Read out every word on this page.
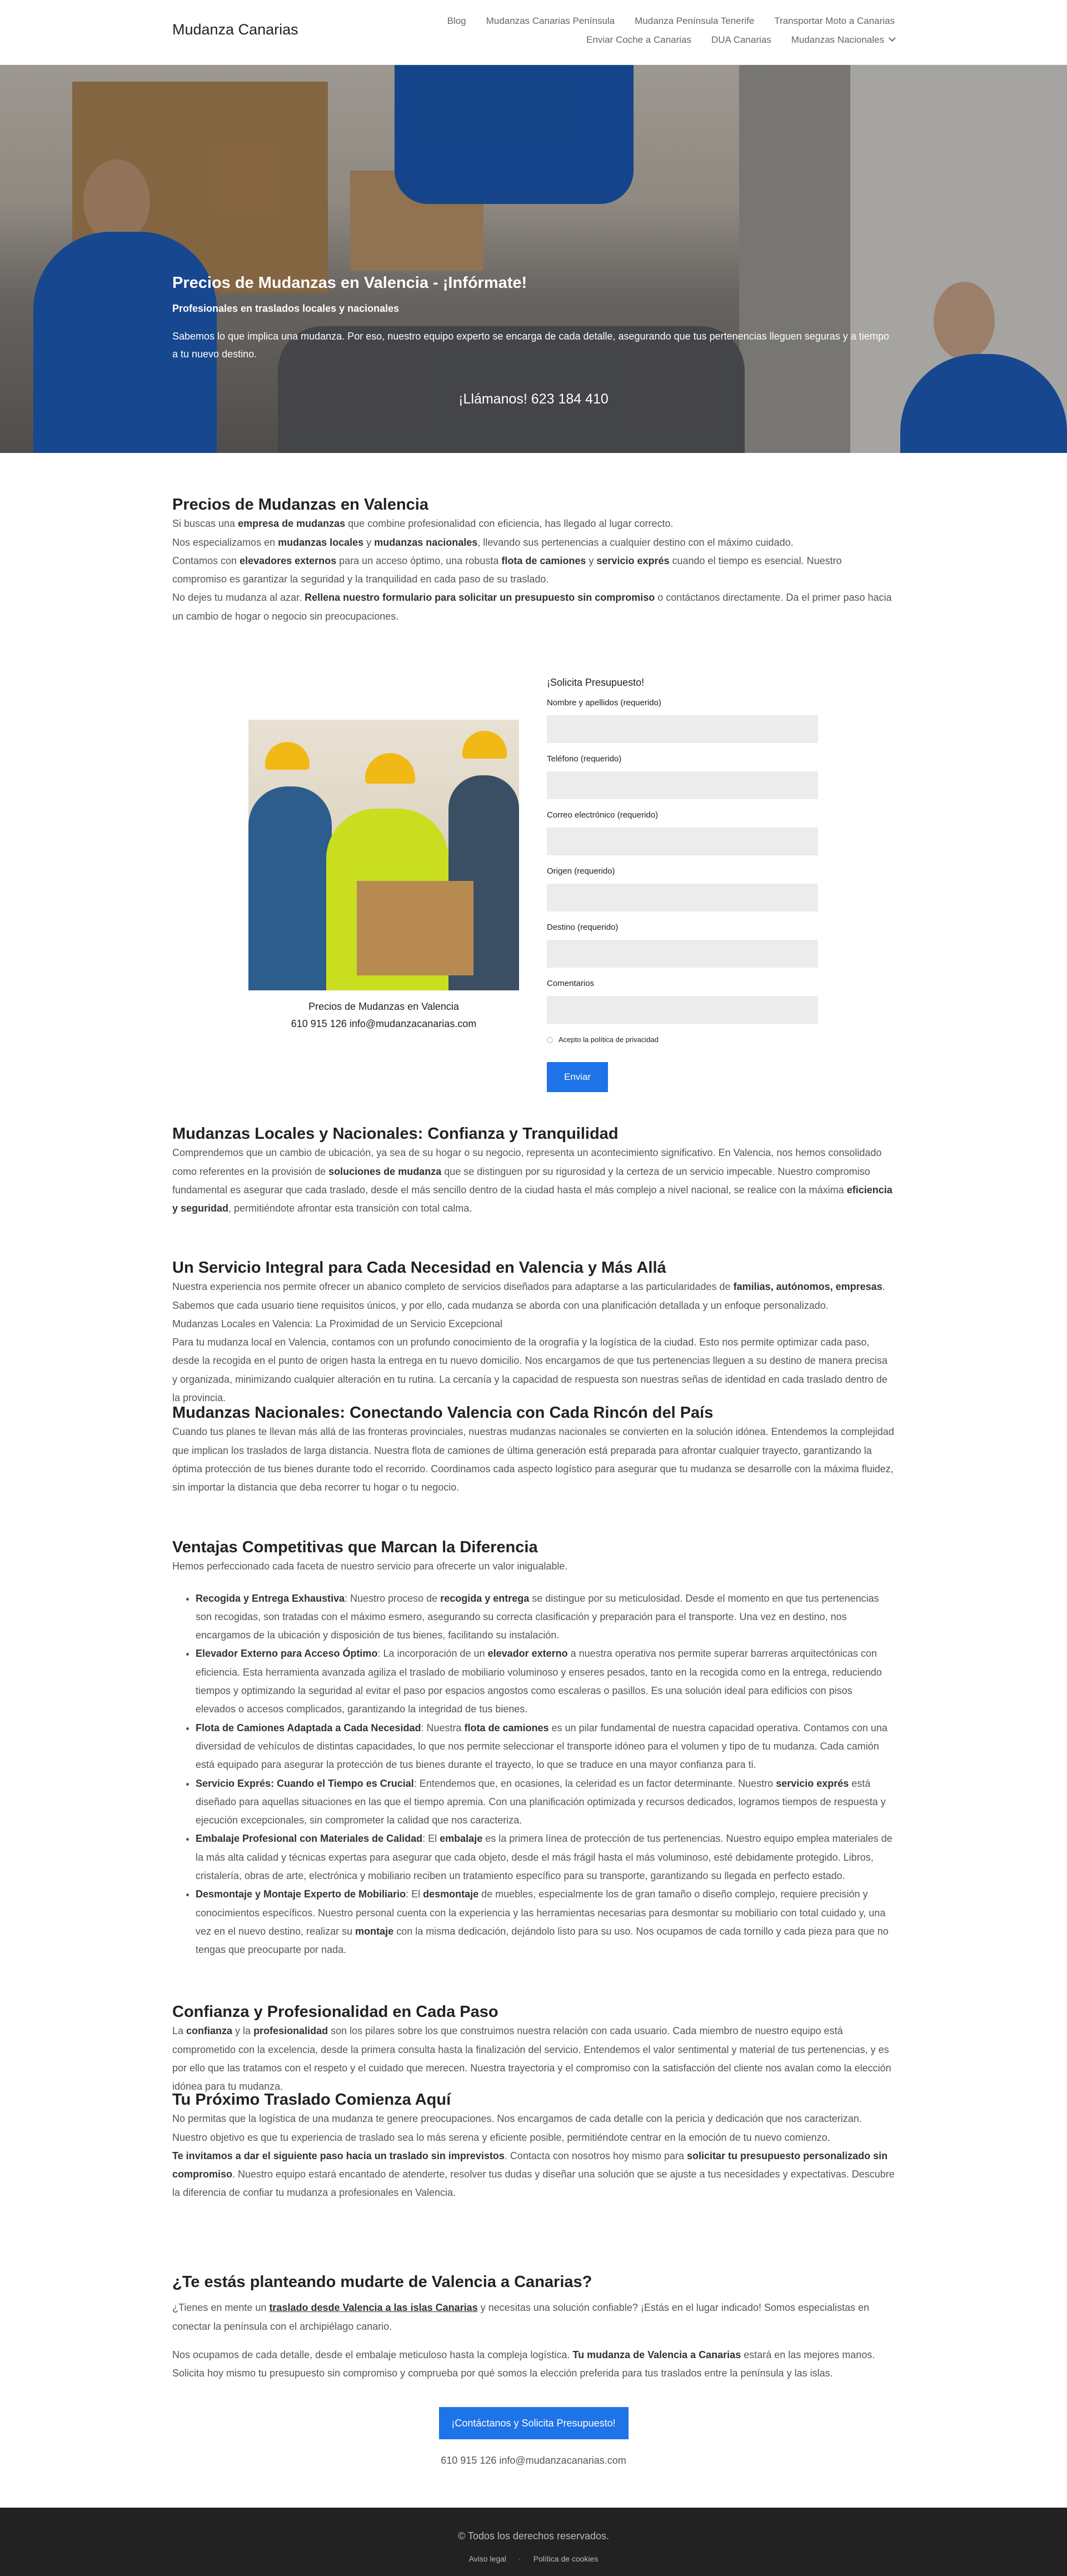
Mudanza Canarias
Blog Mudanzas Canarias Península Mudanza Península Tenerife Transportar Moto a Canarias
Enviar Coche a Canarias DUA Canarias Mudanzas Nacionales
Precios de Mudanzas en Valencia - ¡Infórmate!
Profesionales en traslados locales y nacionales
Sabemos lo que implica una mudanza. Por eso, nuestro equipo experto se encarga de cada detalle, asegurando que tus pertenencias lleguen seguras y a tiempo a tu nuevo destino.
¡Llámanos! 623 184 410
Precios de Mudanzas en Valencia

Si buscas una empresa de mudanzas que combine profesionalidad con eficiencia, has llegado al lugar correcto.

Nos especializamos en mudanzas locales y mudanzas nacionales, llevando sus pertenencias a cualquier destino con el máximo cuidado.

Contamos con elevadores externos para un acceso óptimo, una robusta flota de camiones y servicio exprés cuando el tiempo es esencial. Nuestro compromiso es garantizar la seguridad y la tranquilidad en cada paso de su traslado.

No dejes tu mudanza al azar. Rellena nuestro formulario para solicitar un presupuesto sin compromiso o contáctanos directamente. Da el primer paso hacia un cambio de hogar o negocio sin preocupaciones.

Precios de Mudanzas en Valencia
610 915 126 info@mudanzacanarias.com
¡Solicita Presupuesto!
Nombre y apellidos (requerido)
Teléfono (requerido)
Correo electrónico (requerido)
Origen (requerido)
Destino (requerido)
Comentarios
Acepto la política de privacidad
Enviar
Mudanzas Locales y Nacionales: Confianza y Tranquilidad

Comprendemos que un cambio de ubicación, ya sea de su hogar o su negocio, representa un acontecimiento significativo. En Valencia, nos hemos consolidado como referentes en la provisión de soluciones de mudanza que se distinguen por su rigurosidad y la certeza de un servicio impecable. Nuestro compromiso fundamental es asegurar que cada traslado, desde el más sencillo dentro de la ciudad hasta el más complejo a nivel nacional, se realice con la máxima eficiencia y seguridad, permitiéndote afrontar esta transición con total calma.

Un Servicio Integral para Cada Necesidad en Valencia y Más Allá

Nuestra experiencia nos permite ofrecer un abanico completo de servicios diseñados para adaptarse a las particularidades de familias, autónomos, empresas. Sabemos que cada usuario tiene requisitos únicos, y por ello, cada mudanza se aborda con una planificación detallada y un enfoque personalizado.

Mudanzas Locales en Valencia: La Proximidad de un Servicio Excepcional

Para tu mudanza local en Valencia, contamos con un profundo conocimiento de la orografía y la logística de la ciudad. Esto nos permite optimizar cada paso, desde la recogida en el punto de origen hasta la entrega en tu nuevo domicilio. Nos encargamos de que tus pertenencias lleguen a su destino de manera precisa y organizada, minimizando cualquier alteración en tu rutina. La cercanía y la capacidad de respuesta son nuestras señas de identidad en cada traslado dentro de la provincia.

Mudanzas Nacionales: Conectando Valencia con Cada Rincón del País

Cuando tus planes te llevan más allá de las fronteras provinciales, nuestras mudanzas nacionales se convierten en la solución idónea. Entendemos la complejidad que implican los traslados de larga distancia. Nuestra flota de camiones de última generación está preparada para afrontar cualquier trayecto, garantizando la óptima protección de tus bienes durante todo el recorrido. Coordinamos cada aspecto logístico para asegurar que tu mudanza se desarrolle con la máxima fluidez, sin importar la distancia que deba recorrer tu hogar o tu negocio.

Ventajas Competitivas que Marcan la Diferencia

Hemos perfeccionado cada faceta de nuestro servicio para ofrecerte un valor inigualable.

• Recogida y Entrega Exhaustiva: Nuestro proceso de recogida y entrega se distingue por su meticulosidad. Desde el momento en que tus pertenencias son recogidas, son tratadas con el máximo esmero, asegurando su correcta clasificación y preparación para el transporte. Una vez en destino, nos encargamos de la ubicación y disposición de tus bienes, facilitando su instalación.
• Elevador Externo para Acceso Óptimo: La incorporación de un elevador externo a nuestra operativa nos permite superar barreras arquitectónicas con eficiencia. Esta herramienta avanzada agiliza el traslado de mobiliario voluminoso y enseres pesados, tanto en la recogida como en la entrega, reduciendo tiempos y optimizando la seguridad al evitar el paso por espacios angostos como escaleras o pasillos. Es una solución ideal para edificios con pisos elevados o accesos complicados, garantizando la integridad de tus bienes.
• Flota de Camiones Adaptada a Cada Necesidad: Nuestra flota de camiones es un pilar fundamental de nuestra capacidad operativa. Contamos con una diversidad de vehículos de distintas capacidades, lo que nos permite seleccionar el transporte idóneo para el volumen y tipo de tu mudanza. Cada camión está equipado para asegurar la protección de tus bienes durante el trayecto, lo que se traduce en una mayor confianza para ti.
• Servicio Exprés: Cuando el Tiempo es Crucial: Entendemos que, en ocasiones, la celeridad es un factor determinante. Nuestro servicio exprés está diseñado para aquellas situaciones en las que el tiempo apremia. Con una planificación optimizada y recursos dedicados, logramos tiempos de respuesta y ejecución excepcionales, sin comprometer la calidad que nos caracteriza.
• Embalaje Profesional con Materiales de Calidad: El embalaje es la primera línea de protección de tus pertenencias. Nuestro equipo emplea materiales de la más alta calidad y técnicas expertas para asegurar que cada objeto, desde el más frágil hasta el más voluminoso, esté debidamente protegido. Libros, cristalería, obras de arte, electrónica y mobiliario reciben un tratamiento específico para su transporte, garantizando su llegada en perfecto estado.
• Desmontaje y Montaje Experto de Mobiliario: El desmontaje de muebles, especialmente los de gran tamaño o diseño complejo, requiere precisión y conocimientos específicos. Nuestro personal cuenta con la experiencia y las herramientas necesarias para desmontar su mobiliario con total cuidado y, una vez en el nuevo destino, realizar su montaje con la misma dedicación, dejándolo listo para su uso. Nos ocupamos de cada tornillo y cada pieza para que no tengas que preocuparte por nada.
Confianza y Profesionalidad en Cada Paso

La confianza y la profesionalidad son los pilares sobre los que construimos nuestra relación con cada usuario. Cada miembro de nuestro equipo está comprometido con la excelencia, desde la primera consulta hasta la finalización del servicio. Entendemos el valor sentimental y material de tus pertenencias, y es por ello que las tratamos con el respeto y el cuidado que merecen. Nuestra trayectoria y el compromiso con la satisfacción del cliente nos avalan como la elección idónea para tu mudanza.

Tu Próximo Traslado Comienza Aquí

No permitas que la logística de una mudanza te genere preocupaciones. Nos encargamos de cada detalle con la pericia y dedicación que nos caracterizan. Nuestro objetivo es que tu experiencia de traslado sea lo más serena y eficiente posible, permitiéndote centrar en la emoción de tu nuevo comienzo.

Te invitamos a dar el siguiente paso hacia un traslado sin imprevistos. Contacta con nosotros hoy mismo para solicitar tu presupuesto personalizado sin compromiso. Nuestro equipo estará encantado de atenderte, resolver tus dudas y diseñar una solución que se ajuste a tus necesidades y expectativas. Descubre la diferencia de confiar tu mudanza a profesionales en Valencia.

¿Te estás planteando mudarte de Valencia a Canarias?

¿Tienes en mente un traslado desde Valencia a las islas Canarias y necesitas una solución confiable? ¡Estás en el lugar indicado! Somos especialistas en conectar la península con el archipiélago canario.

Nos ocupamos de cada detalle, desde el embalaje meticuloso hasta la compleja logística. Tu mudanza de Valencia a Canarias estará en las mejores manos. Solicita hoy mismo tu presupuesto sin compromiso y comprueba por qué somos la elección preferida para tus traslados entre la península y las islas.

¡Contáctanos y Solicita Presupuesto!

610 915 126 info@mudanzacanarias.com

© Todos los derechos reservados.
Aviso legal · Política de cookies
